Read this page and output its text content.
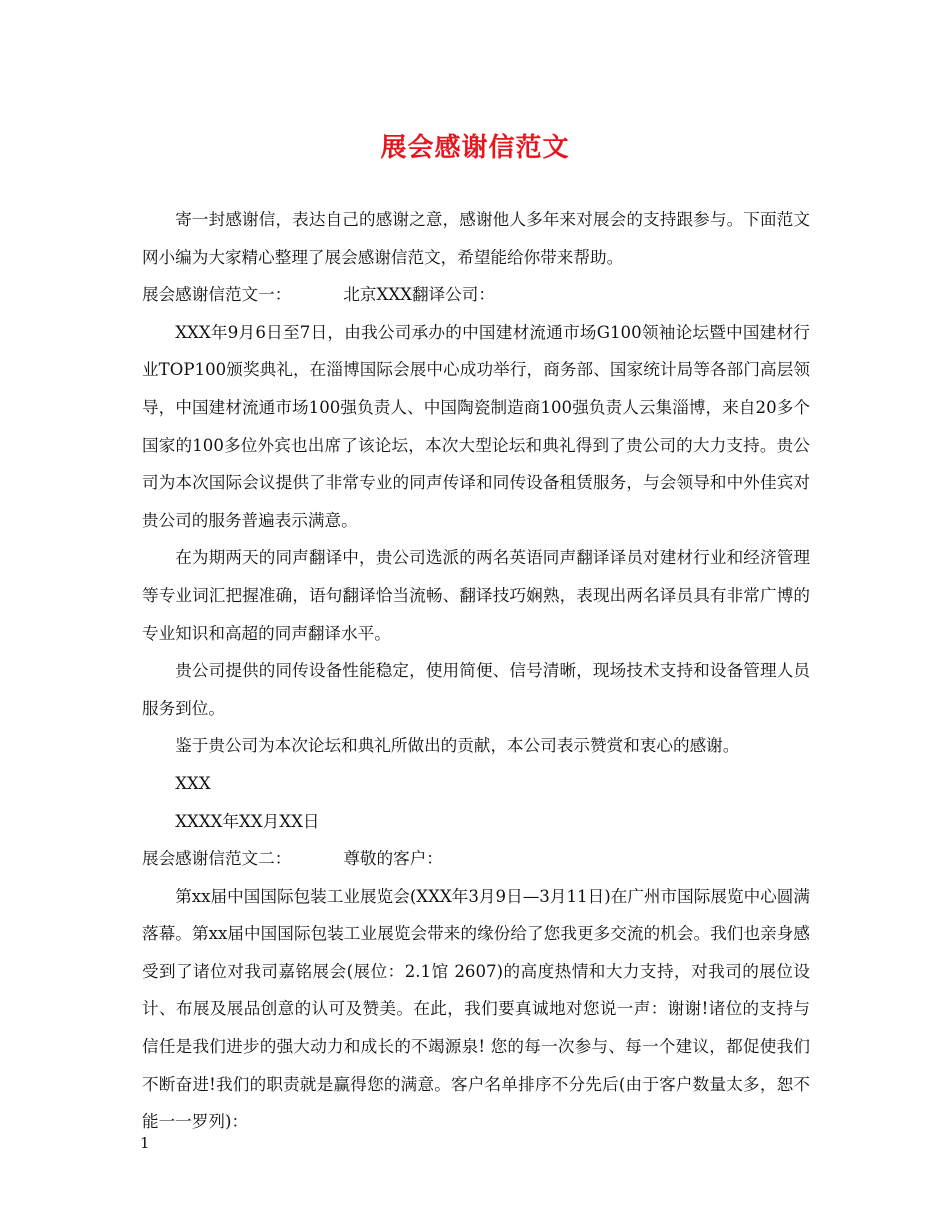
展会感谢信范文

寄一封感谢信，表达自己的感谢之意，感谢他人多年来对展会的支持跟参与。下面范文网小编为大家精心整理了展会感谢信范文，希望能给你带来帮助。

展会感谢信范文一：	北京XXX翻译公司：

XXX年9月6日至7日，由我公司承办的中国建材流通市场G100领袖论坛暨中国建材行业TOP100颁奖典礼，在淄博国际会展中心成功举行，商务部、国家统计局等各部门高层领导，中国建材流通市场100强负责人、中国陶瓷制造商100强负责人云集淄博，来自20多个国家的100多位外宾也出席了该论坛，本次大型论坛和典礼得到了贵公司的大力支持。贵公司为本次国际会议提供了非常专业的同声传译和同传设备租赁服务，与会领导和中外佳宾对贵公司的服务普遍表示满意。

在为期两天的同声翻译中，贵公司选派的两名英语同声翻译译员对建材行业和经济管理等专业词汇把握准确，语句翻译恰当流畅、翻译技巧娴熟，表现出两名译员具有非常广博的专业知识和高超的同声翻译水平。

贵公司提供的同传设备性能稳定，使用简便、信号清晰，现场技术支持和设备管理人员服务到位。

鉴于贵公司为本次论坛和典礼所做出的贡献，本公司表示赞赏和衷心的感谢。

XXX

XXXX年XX月XX日

展会感谢信范文二：	尊敬的客户：

第xx届中国国际包装工业展览会(XXX年3月9日—3月11日)在广州市国际展览中心圆满落幕。第xx届中国国际包装工业展览会带来的缘份给了您我更多交流的机会。我们也亲身感受到了诸位对我司嘉铭展会(展位：2.1馆 2607)的高度热情和大力支持，对我司的展位设计、布展及展品创意的认可及赞美。在此，我们要真诚地对您说一声：谢谢!诸位的支持与信任是我们进步的强大动力和成长的不竭源泉! 您的每一次参与、每一个建议，都促使我们不断奋进!我们的职责就是赢得您的满意。客户名单排序不分先后(由于客户数量太多，恕不能一一罗列)：

1
